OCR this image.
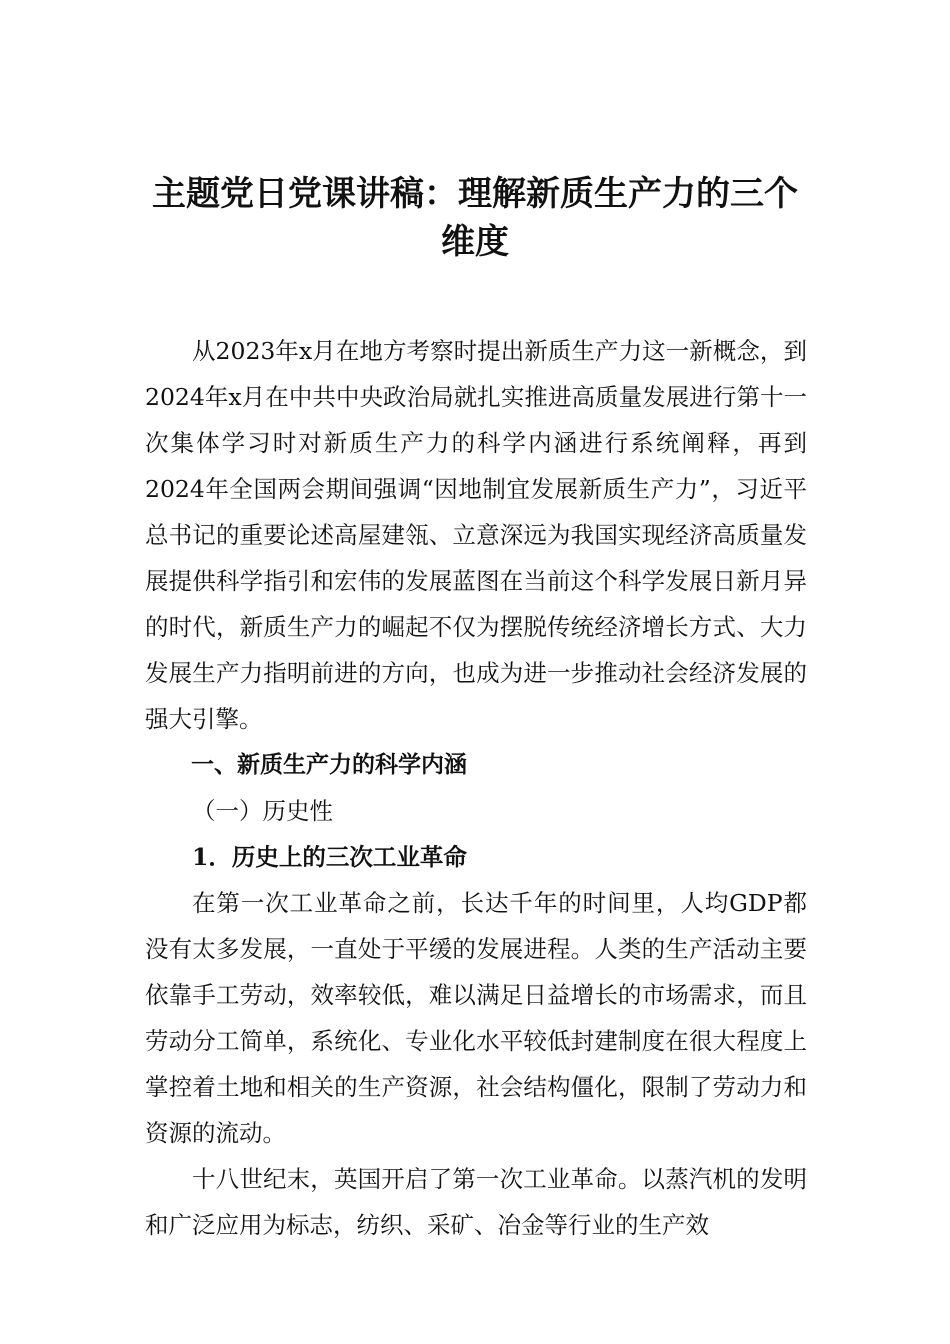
主题党日党课讲稿：理解新质生产力的三个维度

从2023年x月在地方考察时提出新质生产力这一新概念，到2024年x月在中共中央政治局就扎实推进高质量发展进行第十一次集体学习时对新质生产力的科学内涵进行系统阐释，再到2024年全国两会期间强调“因地制宜发展新质生产力”，习近平总书记的重要论述高屋建瓴、立意深远为我国实现经济高质量发展提供科学指引和宏伟的发展蓝图在当前这个科学发展日新月异的时代，新质生产力的崛起不仅为摆脱传统经济增长方式、大力发展生产力指明前进的方向，也成为进一步推动社会经济发展的强大引擎。

一、新质生产力的科学内涵

（一）历史性

1．历史上的三次工业革命

在第一次工业革命之前，长达千年的时间里，人均GDP都没有太多发展，一直处于平缓的发展进程。人类的生产活动主要依靠手工劳动，效率较低，难以满足日益增长的市场需求，而且劳动分工简单，系统化、专业化水平较低封建制度在很大程度上掌控着土地和相关的生产资源，社会结构僵化，限制了劳动力和资源的流动。

十八世纪末，英国开启了第一次工业革命。以蒸汽机的发明和广泛应用为标志，纺织、采矿、冶金等行业的生产效
